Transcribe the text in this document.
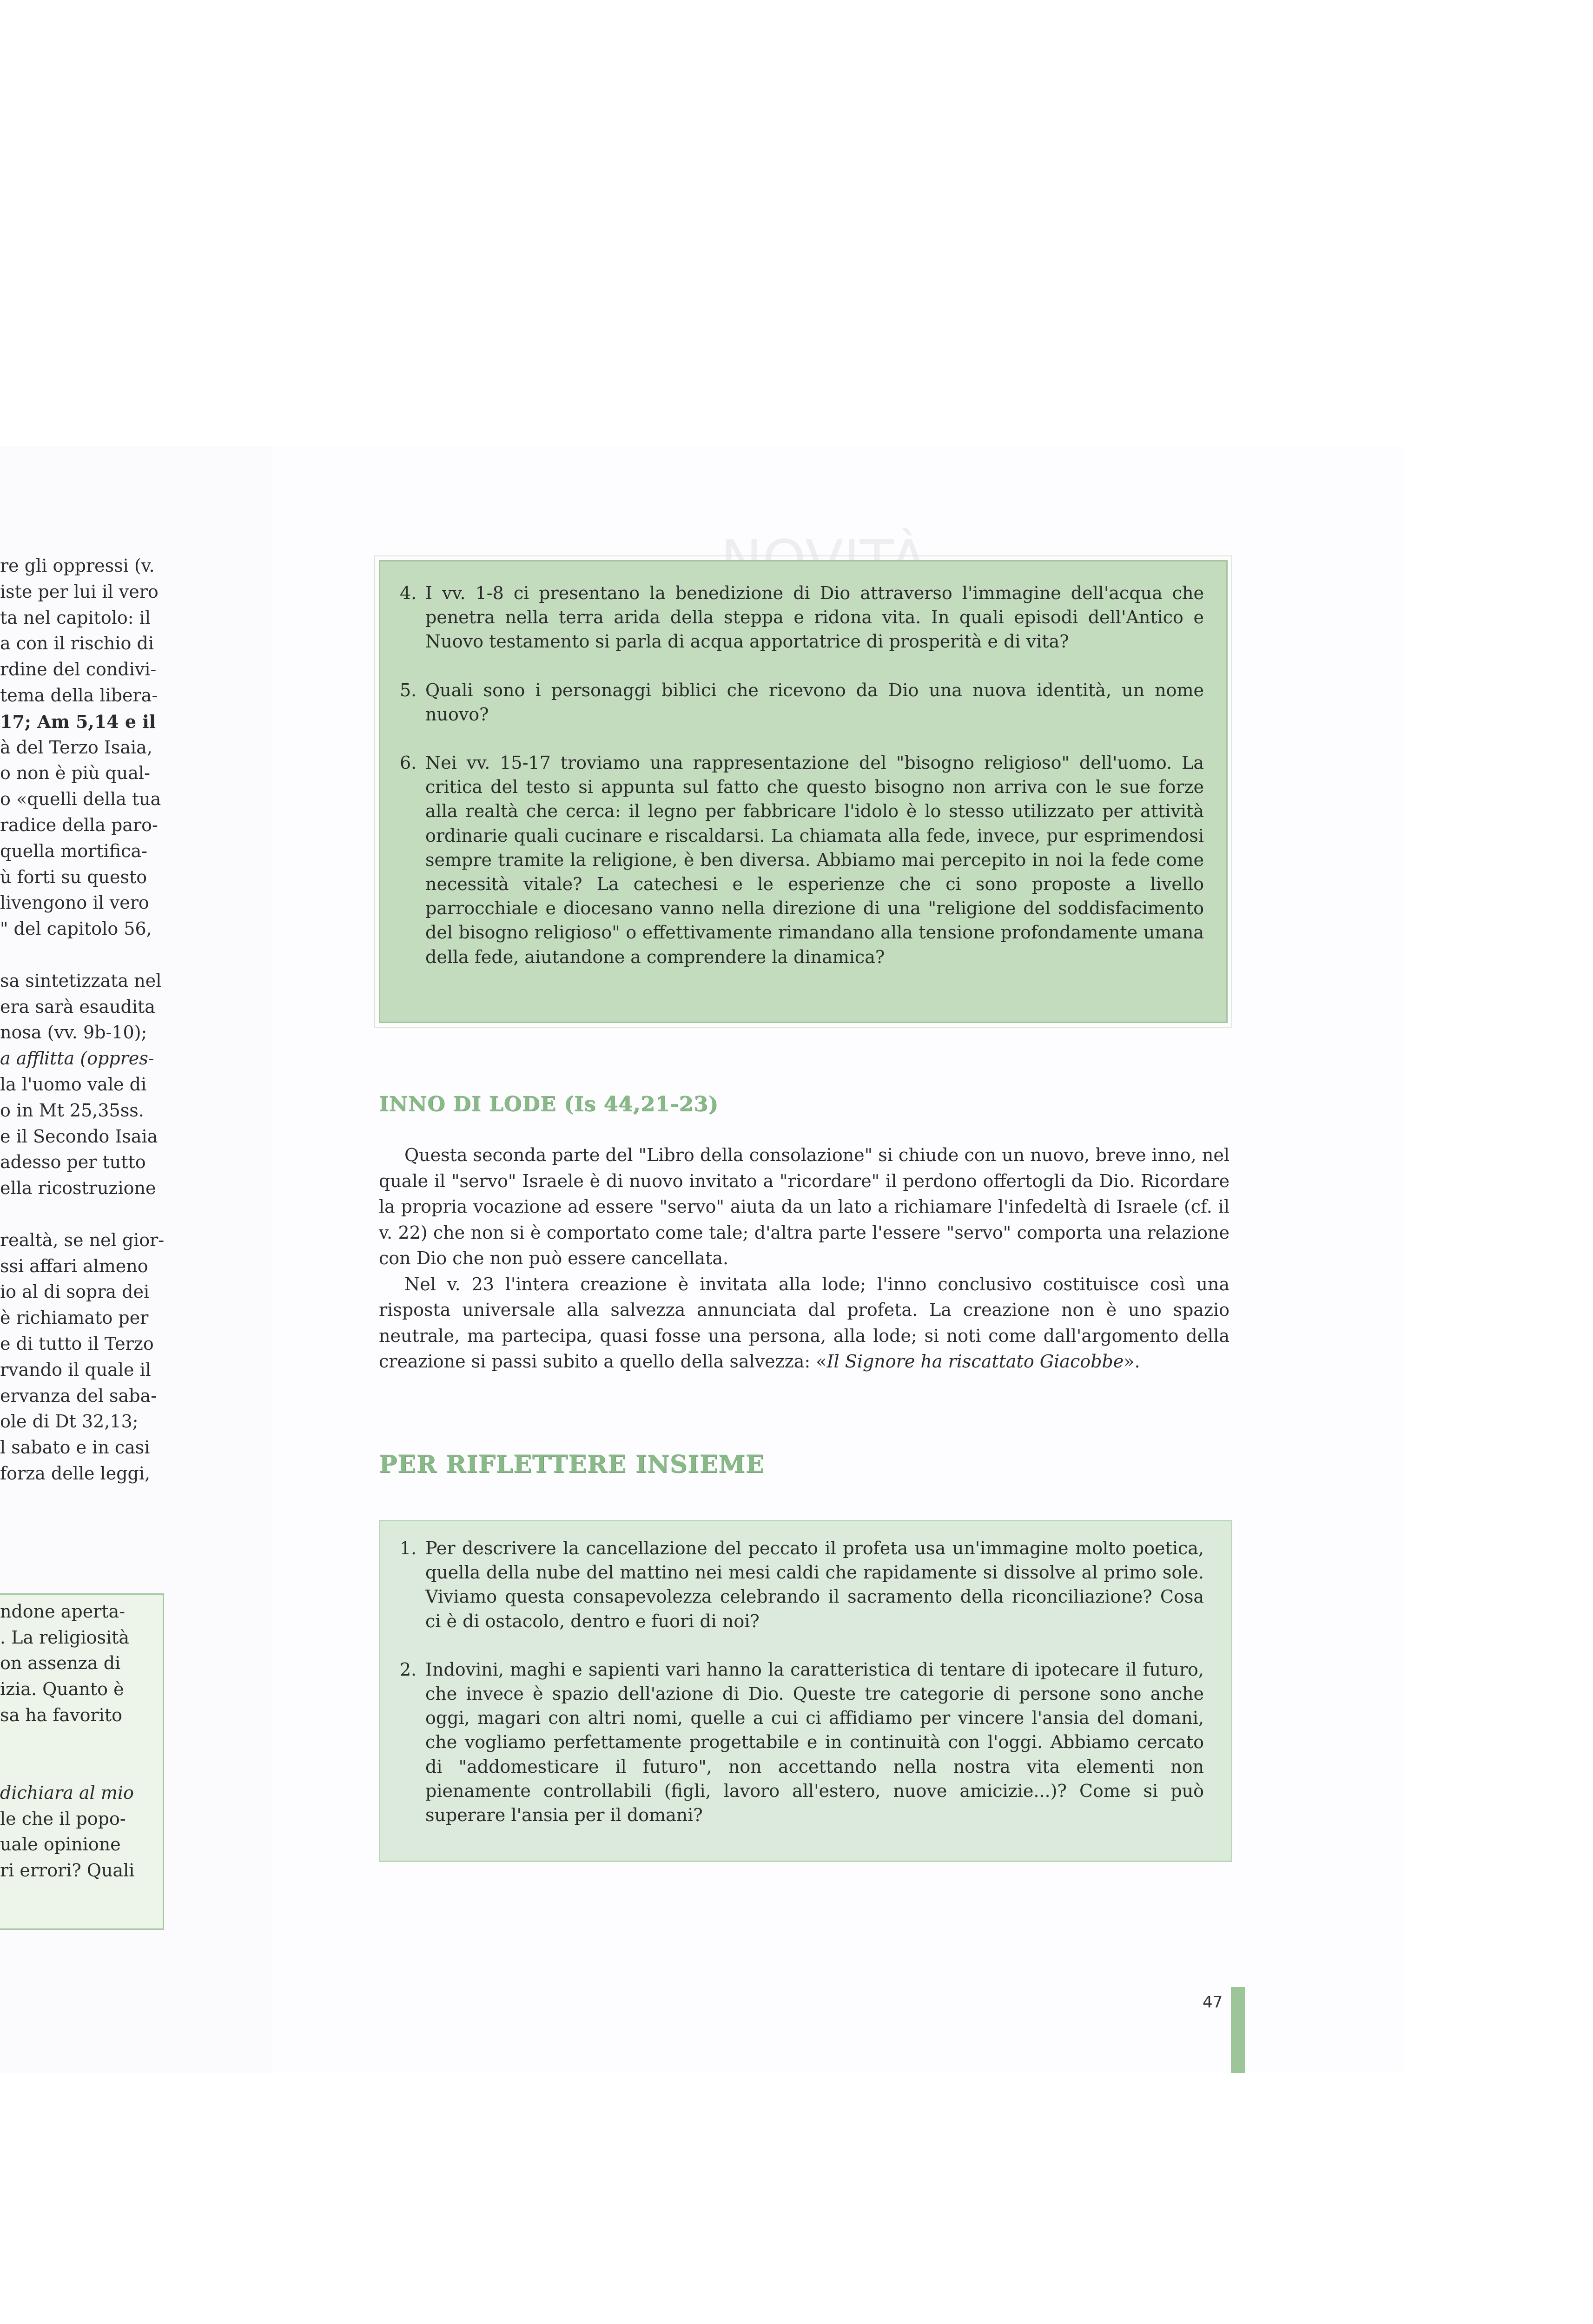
re gli oppressi (v.
iste per lui il vero
ta nel capitolo: il
a con il rischio di
rdine del condivi-
tema della libera-
17; Am 5,14 e il
à del Terzo Isaia,
o non è più qual-
o «quelli della tua
radice della paro-
quella mortifica-
ù forti su questo
livengono il vero
" del capitolo 56,
sa sintetizzata nel
era sarà esaudita
nosa (vv. 9b-10);
a afflitta (oppres-
la l'uomo vale di
o in Mt 25,35ss.
e il Secondo Isaia
adesso per tutto
ella ricostruzione
realtà, se nel gior-
ssi affari almeno
io al di sopra dei
è richiamato per
e di tutto il Terzo
rvando il quale il
ervanza del saba-
ole di Dt 32,13;
l sabato e in casi
forza delle leggi,
ndone aperta-
. La religiosità
on assenza di
izia. Quanto è
sa ha favorito
dichiara al mio
le che il popo-
uale opinione
ri errori? Quali
4. I vv. 1-8 ci presentano la benedizione di Dio attraverso l'immagine dell'acqua che penetra nella terra arida della steppa e ridona vita. In quali episodi dell'Antico e Nuovo testamento si parla di acqua apportatrice di prosperità e di vita?
5. Quali sono i personaggi biblici che ricevono da Dio una nuova identità, un nome nuovo?
6. Nei vv. 15-17 troviamo una rappresentazione del "bisogno religioso" dell'uomo. La critica del testo si appunta sul fatto che questo bisogno non arriva con le sue forze alla realtà che cerca: il legno per fabbricare l'idolo è lo stesso utilizzato per attività ordinarie quali cucinare e riscaldarsi. La chiamata alla fede, invece, pur esprimendosi sempre tramite la religione, è ben diversa. Abbiamo mai percepito in noi la fede come necessità vitale? La catechesi e le esperienze che ci sono proposte a livello parrocchiale e diocesano vanno nella direzione di una "religione del soddisfacimento del bisogno religioso" o effettivamente rimandano alla tensione profondamente umana della fede, aiutandone a comprendere la dinamica?
INNO DI LODE (Is 44,21-23)

Questa seconda parte del "Libro della consolazione" si chiude con un nuovo, breve inno, nel quale il "servo" Israele è di nuovo invitato a "ricordare" il perdono offertogli da Dio. Ricordare la propria vocazione ad essere "servo" aiuta da un lato a richiamare l'infedeltà di Israele (cf. il v. 22) che non si è comportato come tale; d'altra parte l'essere "servo" comporta una relazione con Dio che non può essere cancellata.

Nel v. 23 l'intera creazione è invitata alla lode; l'inno conclusivo costituisce così una risposta universale alla salvezza annunciata dal profeta. La creazione non è uno spazio neutrale, ma partecipa, quasi fosse una persona, alla lode; si noti come dall'argomento della creazione si passi subito a quello della salvezza: «Il Signore ha riscattato Giacobbe».

PER RIFLETTERE INSIEME
1. Per descrivere la cancellazione del peccato il profeta usa un'immagine molto poetica, quella della nube del mattino nei mesi caldi che rapidamente si dissolve al primo sole. Viviamo questa consapevolezza celebrando il sacramento della riconciliazione? Cosa ci è di ostacolo, dentro e fuori di noi?
2. Indovini, maghi e sapienti vari hanno la caratteristica di tentare di ipotecare il futuro, che invece è spazio dell'azione di Dio. Queste tre categorie di persone sono anche oggi, magari con altri nomi, quelle a cui ci affidiamo per vincere l'ansia del domani, che vogliamo perfettamente progettabile e in continuità con l'oggi. Abbiamo cercato di "addomesticare il futuro", non accettando nella nostra vita elementi non pienamente controllabili (figli, lavoro all'estero, nuove amicizie...)? Come si può superare l'ansia per il domani?
47
